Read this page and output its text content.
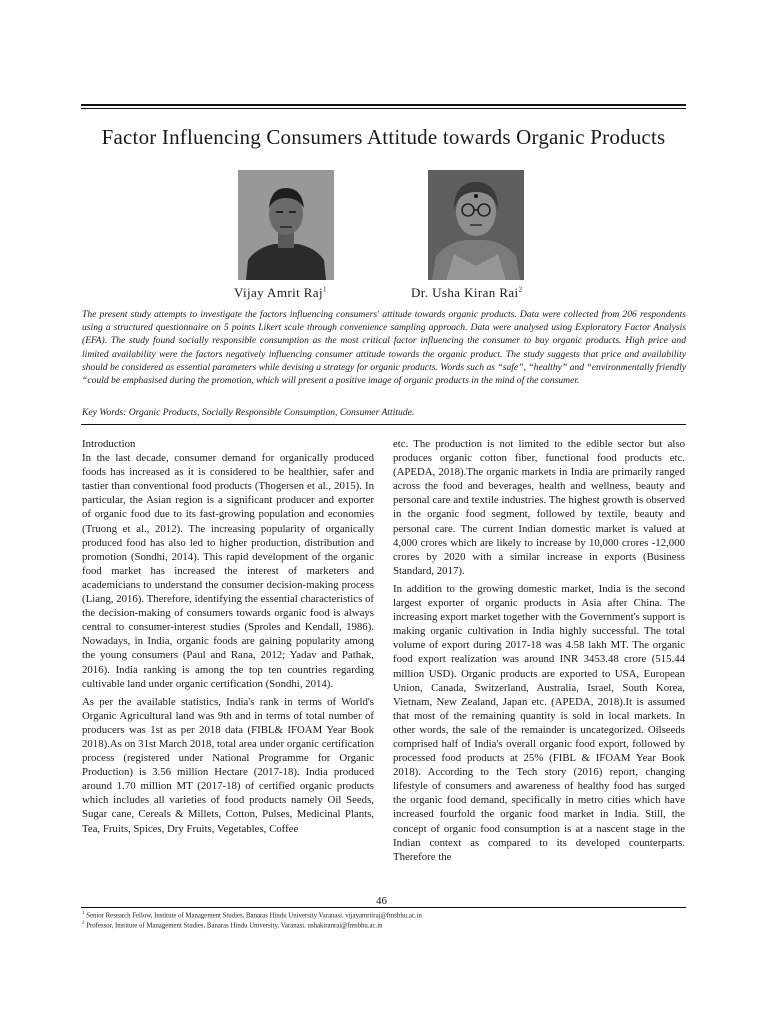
Factor Influencing Consumers Attitude towards Organic Products
Vijay Amrit Raj$^1$	Dr. Usha Kiran Rai$^2$

The present study attempts to investigate the factors influencing consumers' attitude towards organic products. Data were collected from 206 respondents using a structured questionnaire on 5 points Likert scale through convenience sampling approach. Data were analysed using Exploratory Factor Analysis (EFA). The study found socially responsible consumption as the most critical factor influencing the consumer to buy organic products. High price and limited availability were the factors negatively influencing consumer attitude towards the organic product. The study suggests that price and availability should be considered as essential parameters while devising a strategy for organic products. Words such as “safe”, “healthy” and “environmentally friendly “could be emphasised during the promotion, which will present a positive image of organic products in the mind of the consumer.

Key Words: Organic Products, Socially Responsible Consumption, Consumer Attitude.

Introduction

In the last decade, consumer demand for organically produced foods has increased as it is considered to be healthier, safer and tastier than conventional food products (Thogersen et al., 2015). In particular, the Asian region is a significant producer and exporter of organic food due to its fast-growing population and economies (Truong et al., 2012). The increasing popularity of organically produced food has also led to higher production, distribution and promotion (Sondhi, 2014). This rapid development of the organic food market has increased the interest of marketers and academicians to understand the consumer decision-making process (Liang, 2016). Therefore, identifying the essential characteristics of the decision-making of consumers towards organic food is always central to consumer-interest studies (Sproles and Kendall, 1986). Nowadays, in India, organic foods are gaining popularity among the young consumers (Paul and Rana, 2012; Yadav and Pathak, 2016). India ranking is among the top ten countries regarding cultivable land under organic certification (Sondhi, 2014).

As per the available statistics, India's rank in terms of World's Organic Agricultural land was 9th and in terms of total number of producers was 1st as per 2018 data (FIBL& IFOAM Year Book 2018).As on 31st March 2018, total area under organic certification process (registered under National Programme for Organic Production) is 3.56 million Hectare (2017-18). India produced around 1.70 million MT (2017-18) of certified organic products which includes all varieties of food products namely Oil Seeds, Sugar cane, Cereals & Millets, Cotton, Pulses, Medicinal Plants, Tea, Fruits, Spices, Dry Fruits, Vegetables, Coffee

etc. The production is not limited to the edible sector but also produces organic cotton fiber, functional food products etc. (APEDA, 2018).The organic markets in India are primarily ranged across the food and beverages, health and wellness, beauty and personal care and textile industries. The highest growth is observed in the organic food segment, followed by textile, beauty and personal care. The current Indian domestic market is valued at 4,000 crores which are likely to increase by 10,000 crores -12,000 crores by 2020 with a similar increase in exports (Business Standard, 2017).

In addition to the growing domestic market, India is the second largest exporter of organic products in Asia after China. The increasing export market together with the Government's support is making organic cultivation in India highly successful. The total volume of export during 2017-18 was 4.58 lakh MT. The organic food export realization was around INR 3453.48 crore (515.44 million USD). Organic products are exported to USA, European Union, Canada, Switzerland, Australia, Israel, South Korea, Vietnam, New Zealand, Japan etc. (APEDA, 2018).It is assumed that most of the remaining quantity is sold in local markets. In other words, the sale of the remainder is uncategorized. Oilseeds comprised half of India's overall organic food export, followed by processed food products at 25% (FIBL & IFOAM Year Book 2018). According to the Tech story (2016) report, changing lifestyle of consumers and awareness of healthy food has surged the organic food demand, specifically in metro cities which have increased fourfold the organic food market in India. Still, the concept of organic food consumption is at a nascent stage in the Indian context as compared to its developed counterparts. Therefore the

46

$^1$ Senior Research Fellow, Institute of Management Studies, Banaras Hindu University Varanasi. vijayamritraj@fmsbhu.ac.in

$^2$ Professor, Institute of Management Studies, Banaras Hindu University, Varanasi. ushakiranrai@fmsbhu.ac.in
